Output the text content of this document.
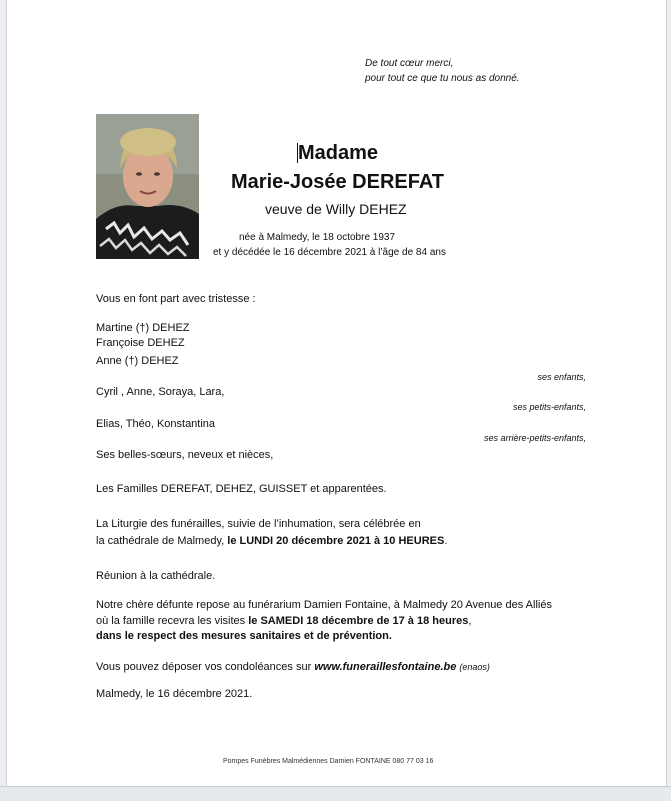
De tout cœur merci,
pour tout ce que tu nous as donné.
Madame
Marie-Josée DEREFAT
veuve de Willy DEHEZ
née à Malmedy, le 18 octobre 1937
et y décédée le 16 décembre 2021 à l’âge de 84 ans
Vous en font part avec tristesse :
Martine (†) DEHEZ
Françoise DEHEZ
Anne (†) DEHEZ
ses enfants,
Cyril , Anne, Soraya, Lara,
ses petits-enfants,
Elias, Théo, Konstantina
ses arrière-petits-enfants,
Ses belles-sœurs, neveux et nièces,
Les Familles DEREFAT, DEHEZ, GUISSET et apparentées.
La Liturgie des funérailles, suivie de l’inhumation, sera célébrée en
la cathédrale de Malmedy, le LUNDI 20 décembre 2021 à 10 HEURES.
Réunion à la cathédrale.
Notre chère défunte repose au funérarium Damien Fontaine, à Malmedy 20 Avenue des Alliés
où la famille recevra les visites le SAMEDI 18 décembre de 17 à 18 heures,
dans le respect des mesures sanitaires et de prévention.
Vous pouvez déposer vos condoléances sur www.funeraillesfontaine.be (enaos)
Malmedy, le 16 décembre 2021.
Pompes Funèbres Malmédiennes Damien FONTAINE 080 77 03 16
